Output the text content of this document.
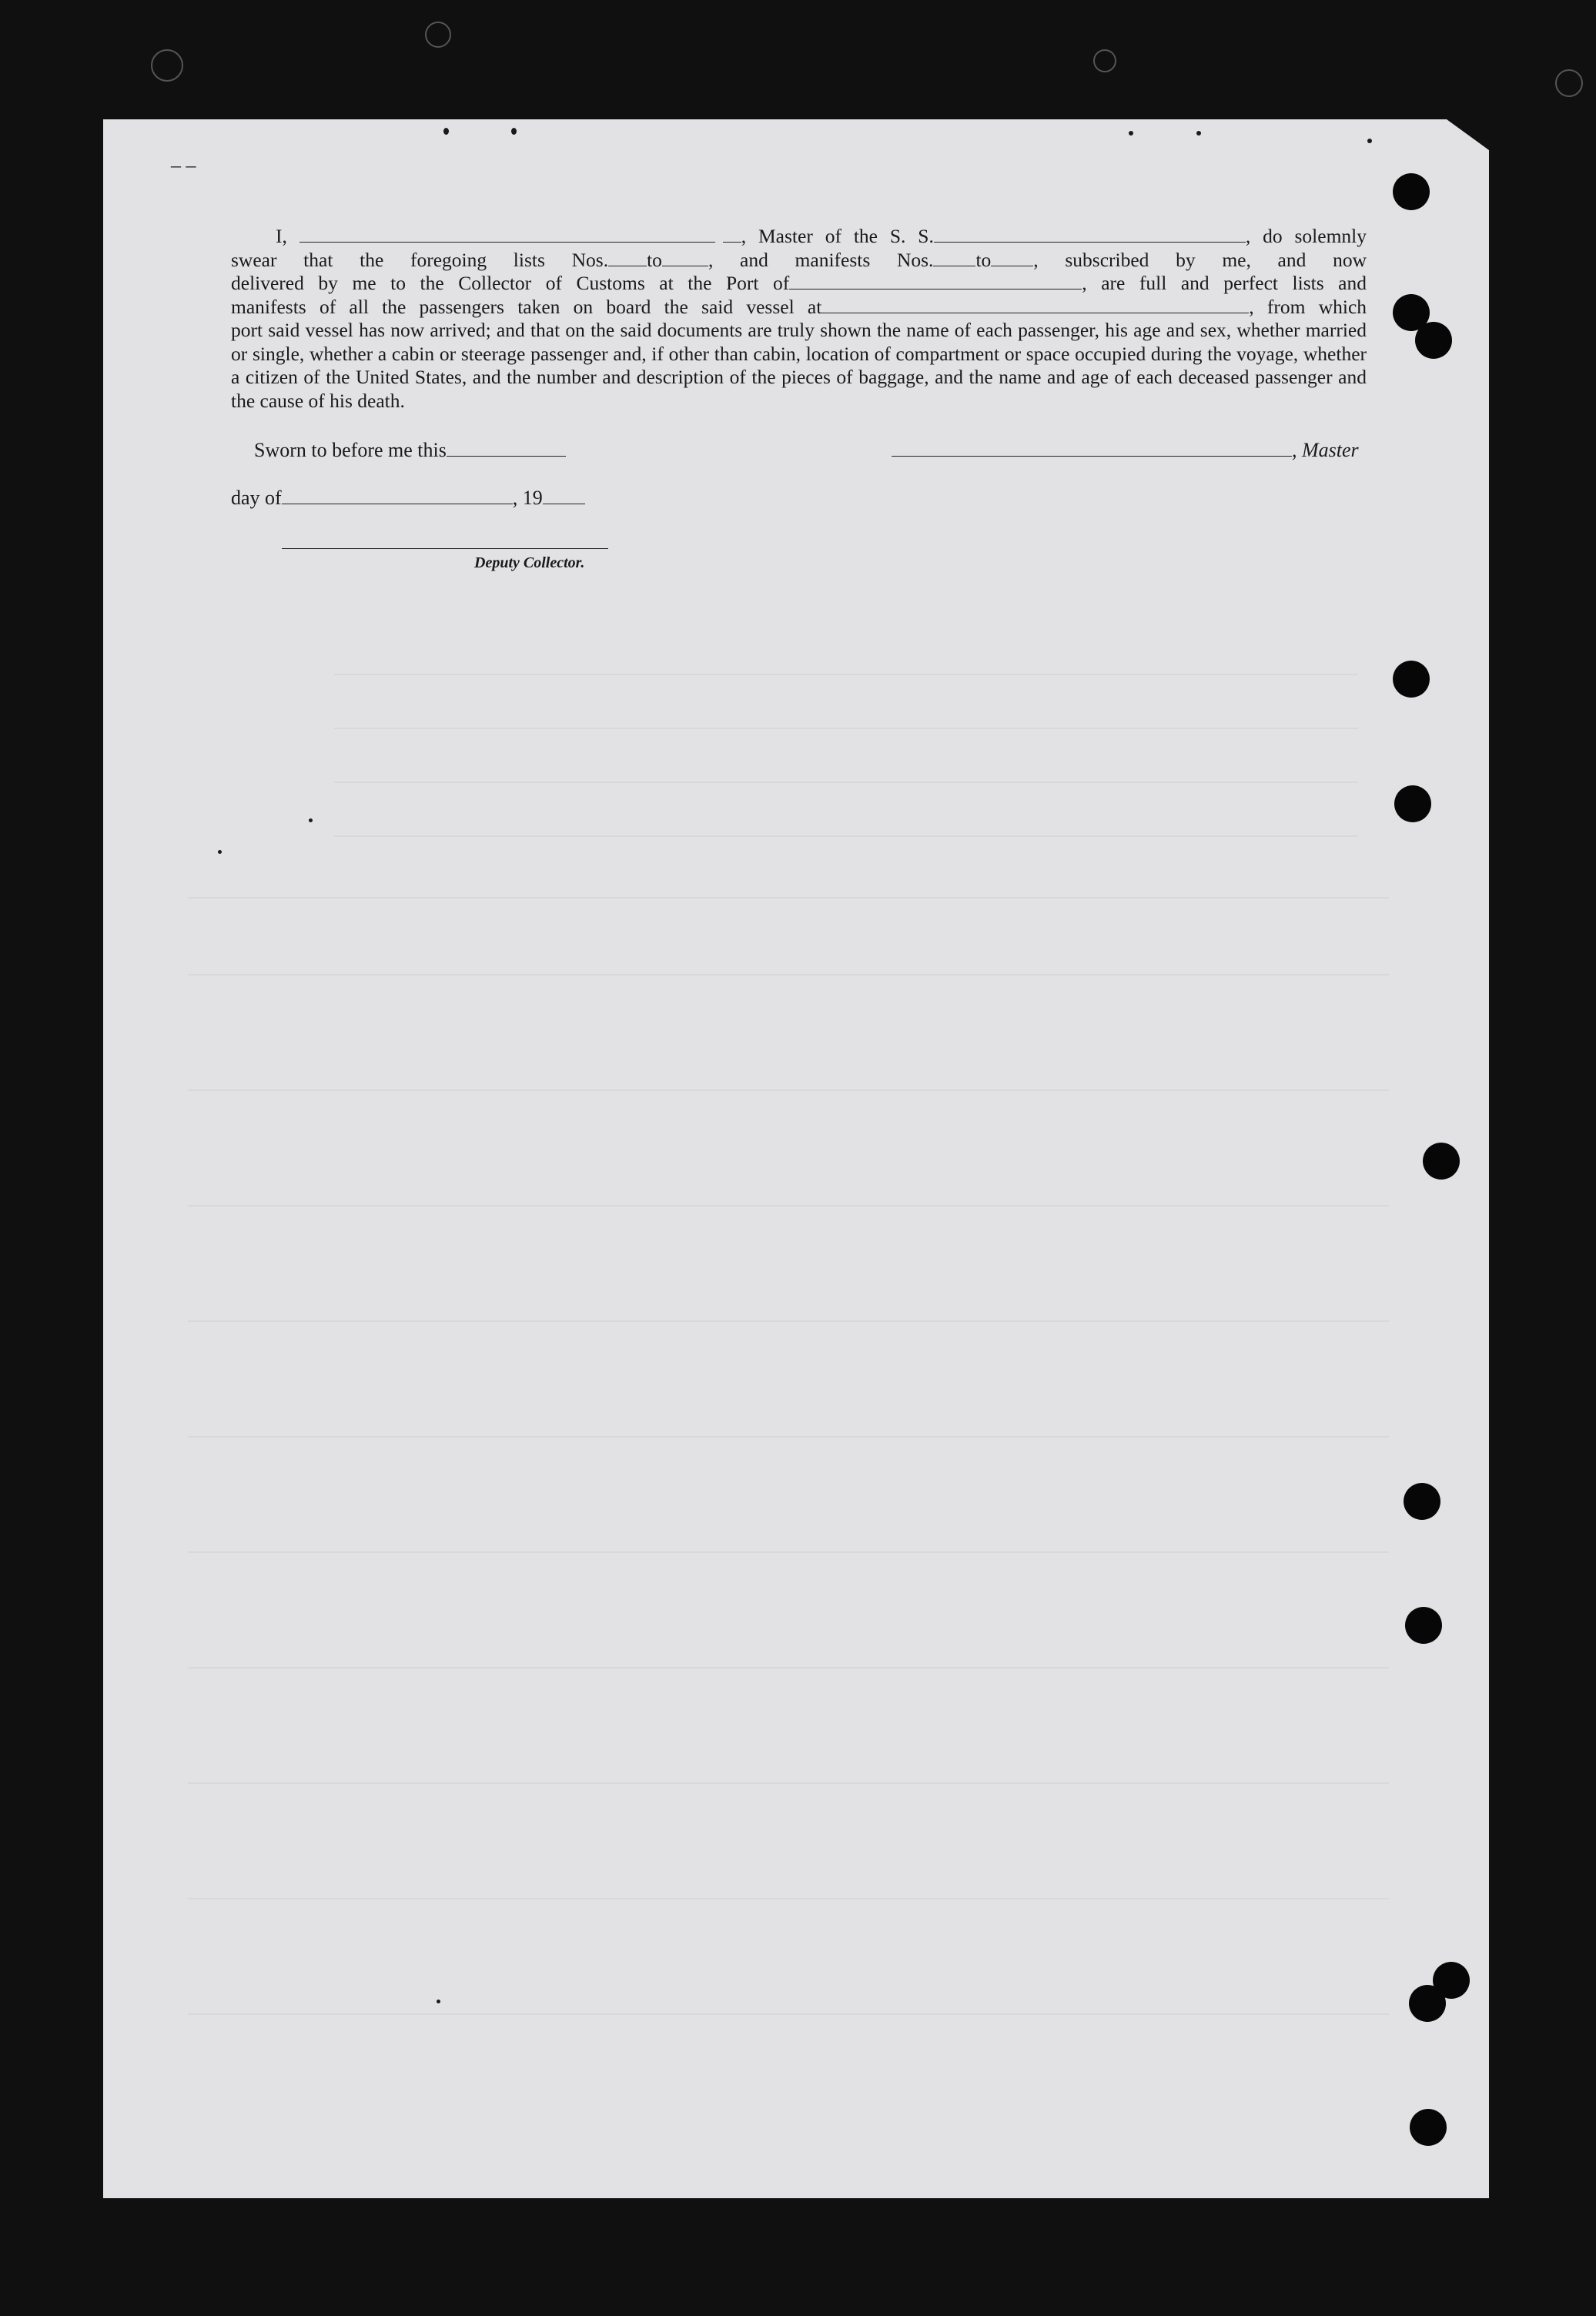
– –
I,	, Master of the S. S.	, do solemnly
swear that the foregoing lists Nos. to , and manifests Nos. to , subscribed by me, and now
delivered by me to the Collector of Customs at the Port of	, are full and perfect lists and
manifests of all the passengers taken on board the said vessel at	, from which

port said vessel has now arrived; and that on the said documents are truly shown the name of each passenger, his age and sex, whether married or single, whether a cabin or steerage passenger and, if other than cabin, location of compartment or space occupied during the voyage, whether a citizen of the United States, and the number and description of the pieces of baggage, and the name and age of each deceased passenger and the cause of his death.

Sworn to before me this	, Master
day of	, 19
Deputy Collector.
